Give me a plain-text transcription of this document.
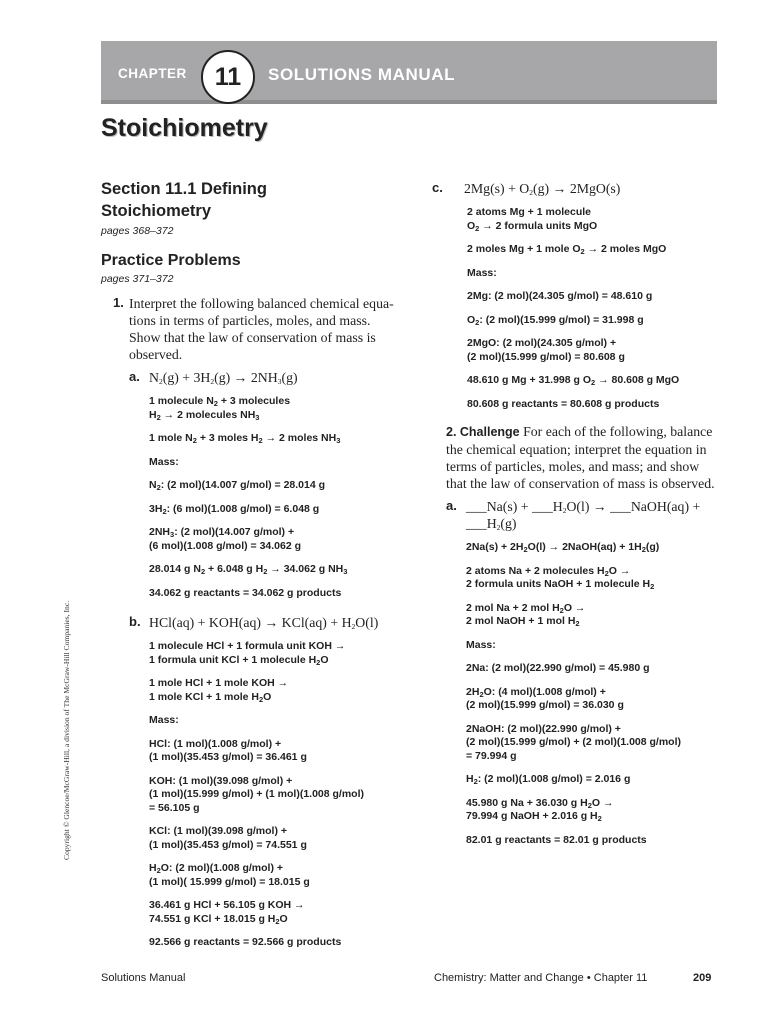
CHAPTER	11	SOLUTIONS MANUAL
Stoichiometry
Copyright © Glencoe/McGraw-Hill, a division of The McGraw-Hill Companies, Inc.

Section 11.1 Defining

Stoichiometry

pages 368–372

Practice Problems

pages 371–372

1. Interpret the following balanced chemical equa-tions in terms of particles, moles, and mass. Show that the law of conservation of mass is observed.
a. $N_2(g) + 3H_2(g) \to 2NH_3(g)$

1 molecule $N_2 + 3$ molecules
$H_2 \to 2$ molecules $NH_3$

1 mole $N_2 + 3$ moles $H_2 \to 2$ moles $NH_3$

Mass:

$N_2$: (2 mol)(14.007 g/mol) = 28.014 g

$3H_2$: (6 mol)(1.008 g/mol) = 6.048 g

$2NH_3$: (2 mol)(14.007 g/mol) +
(6 mol)(1.008 g/mol) = 34.062 g

28.014 g $N_2 + 6.048$ g $H_2 \to 34.062$ g $NH_3$

34.062 g reactants = 34.062 g products

b. $HCl(aq) + KOH(aq) \to KCl(aq) + H_2O(l)$

1 molecule HCl + 1 formula unit KOH →
1 formula unit KCl + 1 molecule $H_2O$

1 mole HCl + 1 mole KOH →
1 mole KCl + 1 mole $H_2O$

Mass:

HCl: (1 mol)(1.008 g/mol) +
(1 mol)(35.453 g/mol) = 36.461 g

KOH: (1 mol)(39.098 g/mol) +
(1 mol)(15.999 g/mol) + (1 mol)(1.008 g/mol)
= 56.105 g

KCl: (1 mol)(39.098 g/mol) +
(1 mol)(35.453 g/mol) = 74.551 g

$H_2O$: (2 mol)(1.008 g/mol) +
(1 mol)( 15.999 g/mol) = 18.015 g

36.461 g HCl + 56.105 g KOH →
74.551 g KCl + 18.015 g $H_2O$

92.566 g reactants = 92.566 g products

c.	$2Mg(s) + O_2(g) \to 2MgO(s)$

2 atoms Mg + 1 molecule
$O_2 \to 2$ formula units MgO

2 moles Mg + 1 mole $O_2 \to 2$ moles MgO

Mass:

2Mg: (2 mol)(24.305 g/mol) = 48.610 g

$O_2$: (2 mol)(15.999 g/mol) = 31.998 g

2MgO: (2 mol)(24.305 g/mol) +
(2 mol)(15.999 g/mol) = 80.608 g

48.610 g Mg + 31.998 g $O_2 \to 80.608$ g MgO

80.608 g reactants = 80.608 g products

2. Challenge For each of the following, balance the chemical equation; interpret the equation in terms of particles, moles, and mass; and show that the law of conservation of mass is observed.
a. ___Na(s) + $\_\_\_H_2O(l)$ → ___NaOH(aq) + $\_\_\_H_2(g)$

$2Na(s) + 2H_2O(l)$ → 2NaOH(aq) + $1H_2(g)$

2 atoms Na + 2 molecules $H_2O$ →
2 formula units NaOH + 1 molecule $H_2$

2 mol Na + 2 mol $H_2O$ →
2 mol NaOH + 1 mol $H_2$

Mass:

2Na: (2 mol)(22.990 g/mol) = 45.980 g

$2H_2O$: (4 mol)(1.008 g/mol) +
(2 mol)(15.999 g/mol) = 36.030 g

2NaOH: (2 mol)(22.990 g/mol) +
(2 mol)(15.999 g/mol) + (2 mol)(1.008 g/mol)
= 79.994 g

$H_2$: (2 mol)(1.008 g/mol) = 2.016 g

45.980 g Na + 36.030 g $H_2O$ →
79.994 g NaOH + 2.016 g $H_2$

82.01 g reactants = 82.01 g products

Solutions Manual	Chemistry: Matter and Change • Chapter 11	209
